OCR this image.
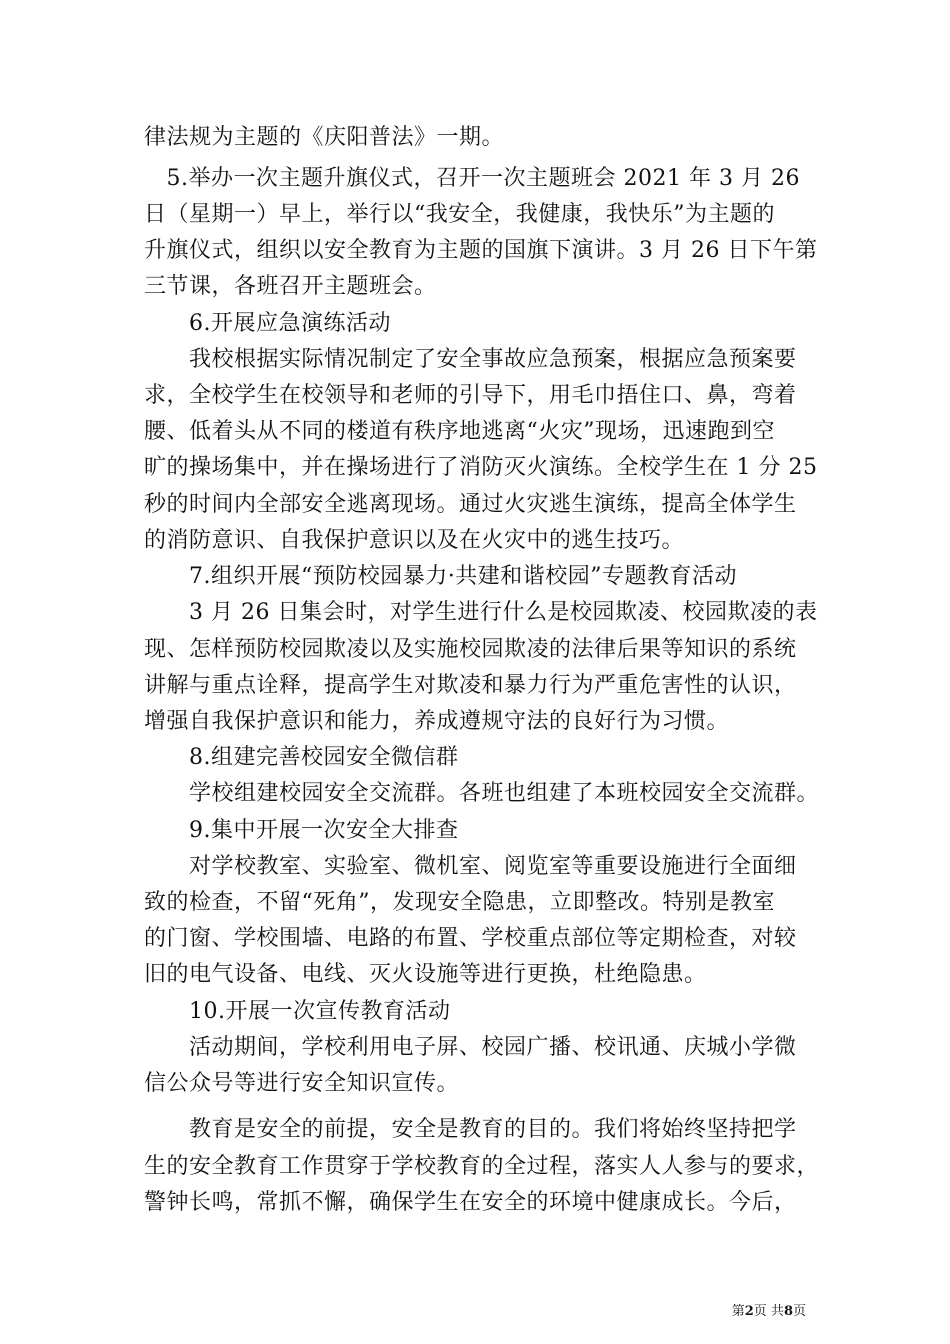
律法规为主题的《庆阳普法》一期。
　5.举办一次主题升旗仪式，召开一次主题班会 2021 年 3 月 26
日（星期一）早上，举行以“我安全，我健康，我快乐”为主题的
升旗仪式，组织以安全教育为主题的国旗下演讲。3 月 26 日下午第
三节课，各班召开主题班会。
　　6.开展应急演练活动
　　我校根据实际情况制定了安全事故应急预案，根据应急预案要
求，全校学生在校领导和老师的引导下，用毛巾捂住口、鼻，弯着
腰、低着头从不同的楼道有秩序地逃离“火灾”现场，迅速跑到空
旷的操场集中，并在操场进行了消防灭火演练。全校学生在 1 分 25
秒的时间内全部安全逃离现场。通过火灾逃生演练，提高全体学生
的消防意识、自我保护意识以及在火灾中的逃生技巧。
　　7.组织开展“预防校园暴力·共建和谐校园”专题教育活动
　　3 月 26 日集会时，对学生进行什么是校园欺凌、校园欺凌的表
现、怎样预防校园欺凌以及实施校园欺凌的法律后果等知识的系统
讲解与重点诠释，提高学生对欺凌和暴力行为严重危害性的认识，
增强自我保护意识和能力，养成遵规守法的良好行为习惯。
　　8.组建完善校园安全微信群
　　学校组建校园安全交流群。各班也组建了本班校园安全交流群。
　　9.集中开展一次安全大排查
　　对学校教室、实验室、微机室、阅览室等重要设施进行全面细
致的检查，不留“死角”，发现安全隐患，立即整改。特别是教室
的门窗、学校围墙、电路的布置、学校重点部位等定期检查，对较
旧的电气设备、电线、灭火设施等进行更换，杜绝隐患。
　　10.开展一次宣传教育活动
　　活动期间，学校利用电子屏、校园广播、校讯通、庆城小学微
信公众号等进行安全知识宣传。
　　教育是安全的前提，安全是教育的目的。我们将始终坚持把学
生的安全教育工作贯穿于学校教育的全过程，落实人人参与的要求，
警钟长鸣，常抓不懈，确保学生在安全的环境中健康成长。今后，
第2页 共8页
